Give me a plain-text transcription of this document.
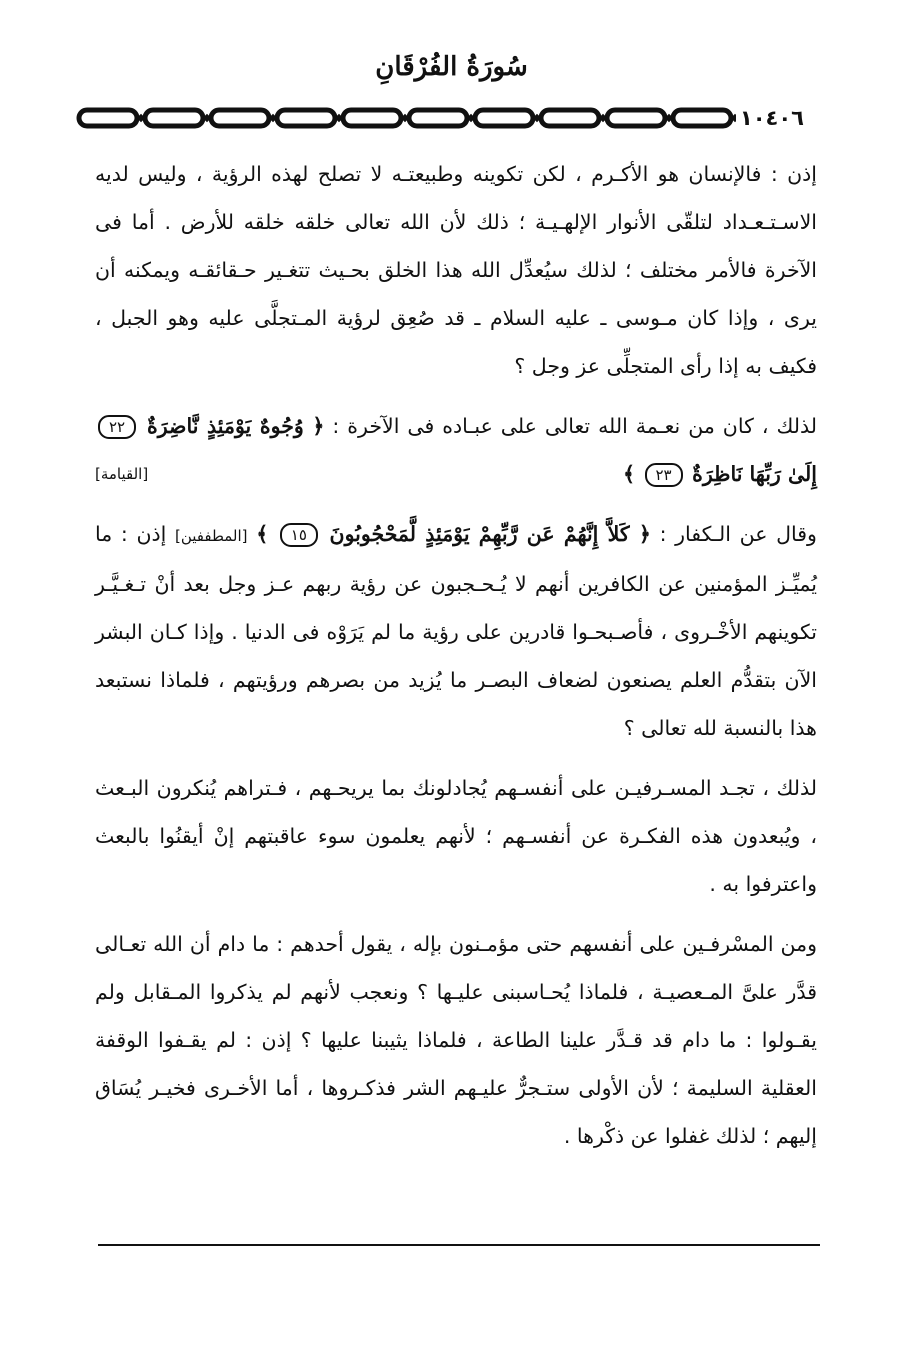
سُورَةُ الفُرْقَانِ
١٠٤٠٦

إذن : فالإنسان هو الأكـرم ، لكن تكوينه وطبيعتـه لا تصلح لهذه الرؤية ، وليس لديه الاسـتـعـداد لتلقّى الأنوار الإلهـيـة ؛ ذلك لأن الله تعالى خلقه خلقه للأرض . أما فى الآخرة فالأمر مختلف ؛ لذلك سيُعدِّل الله هذا الخلق بحـيث تتغـير حـقائقـه ويمكنه أن يرى ، وإذا كان مـوسى ـ عليه السلام ـ قد صُعِق لرؤية المـتجلَّى عليه وهو الجبل ، فكيف به إذا رأى المتجلِّى عز وجل ؟

لذلك ، كان من نعـمة الله تعالى على عبـاده فى الآخرة : ﴿ وُجُوهٌ يَوْمَئِذٍ نَّاضِرَةٌ ٢٢ إِلَىٰ رَبِّهَا نَاظِرَةٌ ٢٣ ﴾
[القيامة]

وقال عن الـكفار : ﴿ كَلاَّ إِنَّهُمْ عَن رَّبِّهِمْ يَوْمَئِذٍ لَّمَحْجُوبُونَ ١٥ ﴾ [المطففين] إذن : ما يُميِّـز المؤمنين عن الكافرين أنهم لا يُـحـجبون عن رؤية ربهم عـز وجل بعد أنْ تـغـيَّـر تكوينهم الأخْـروى ، فأصـبحـوا قادرين على رؤية ما لم يَرَوْه فى الدنيا . وإذا كـان البشر الآن بتقدُّم العلم يصنعون لضعاف البصـر ما يُزيد من بصرهم ورؤيتهم ، فلماذا نستبعد هذا بالنسبة لله تعالى ؟

لذلك ، تجـد المسـرفيـن على أنفسـهم يُجادلونك بما يريحـهم ، فـتراهم يُنكرون البـعث ، ويُبعدون هذه الفكـرة عن أنفسـهم ؛ لأنهم يعلمون سوء عاقبتهم إنْ أيقنُوا بالبعث واعترفوا به .

ومن المسْرفـين على أنفسهم حتى مؤمـنون بإله ، يقول أحدهم : ما دام أن الله تعـالى قدَّر علىَّ المـعصيـة ، فلماذا يُحـاسبنى عليـها ؟ ونعجب لأنهم لم يذكروا المـقابل ولم يقـولوا : ما دام قد قـدَّر علينا الطاعة ، فلماذا يثيبنا عليها ؟ إذن : لم يقـفوا الوقفة العقلية السليمة ؛ لأن الأولى ستـجرٌّ عليـهم الشر فذكـروها ، أما الأخـرى فخيـر يُسَاق إليهم ؛ لذلك غفلوا عن ذكْرها .
